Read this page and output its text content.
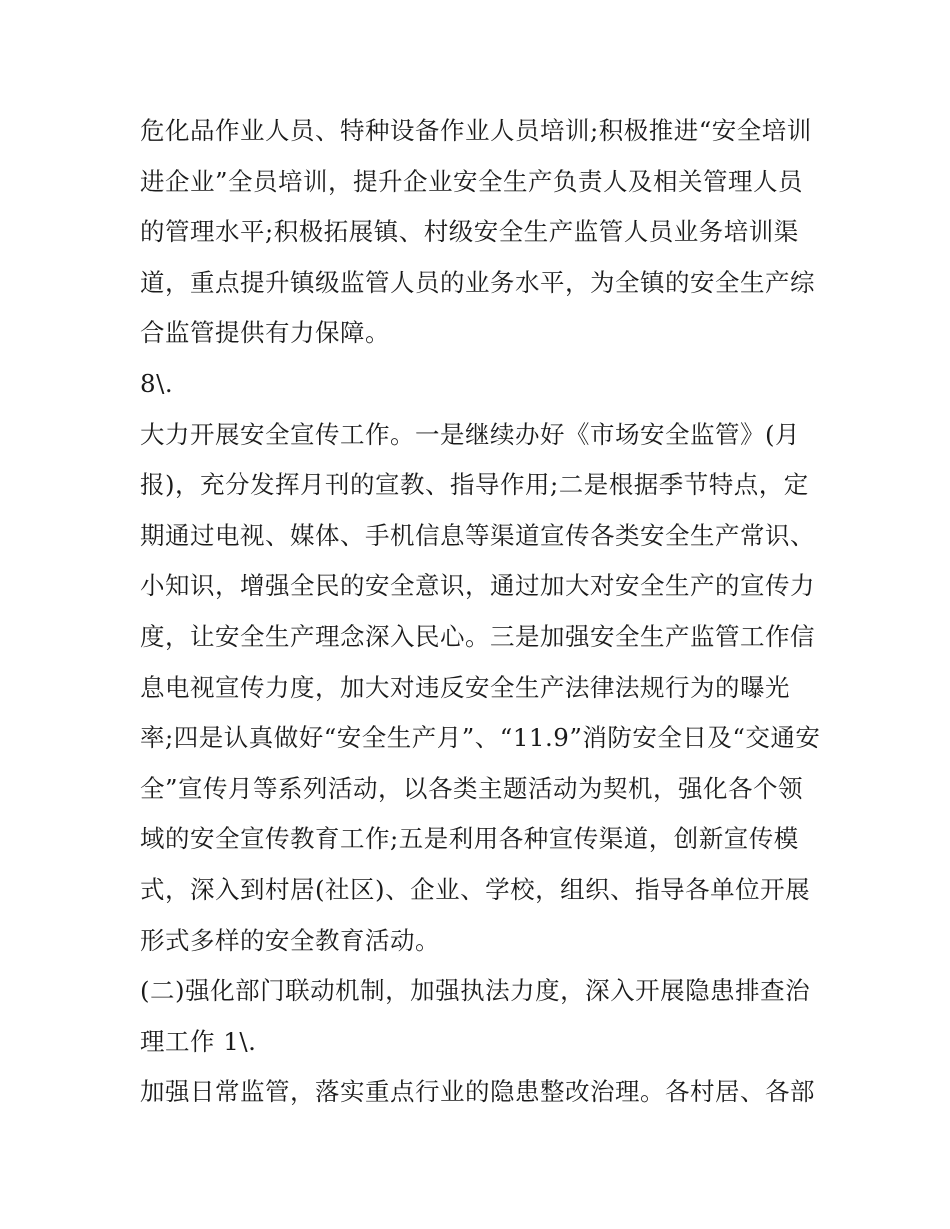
危化品作业人员、特种设备作业人员培训;积极推进“安全培训
进企业”全员培训，提升企业安全生产负责人及相关管理人员
的管理水平;积极拓展镇、村级安全生产监管人员业务培训渠
道，重点提升镇级监管人员的业务水平，为全镇的安全生产综
合监管提供有力保障。
8\.
大力开展安全宣传工作。一是继续办好《市场安全监管》(月
报)，充分发挥月刊的宣教、指导作用;二是根据季节特点，定
期通过电视、媒体、手机信息等渠道宣传各类安全生产常识、
小知识，增强全民的安全意识，通过加大对安全生产的宣传力
度，让安全生产理念深入民心。三是加强安全生产监管工作信
息电视宣传力度，加大对违反安全生产法律法规行为的曝光
率;四是认真做好“安全生产月”、“11.9”消防安全日及“交通安
全”宣传月等系列活动，以各类主题活动为契机，强化各个领
域的安全宣传教育工作;五是利用各种宣传渠道，创新宣传模
式，深入到村居(社区)、企业、学校，组织、指导各单位开展
形式多样的安全教育活动。
(二)强化部门联动机制，加强执法力度，深入开展隐患排查治
理工作 1\.
加强日常监管，落实重点行业的隐患整改治理。各村居、各部
